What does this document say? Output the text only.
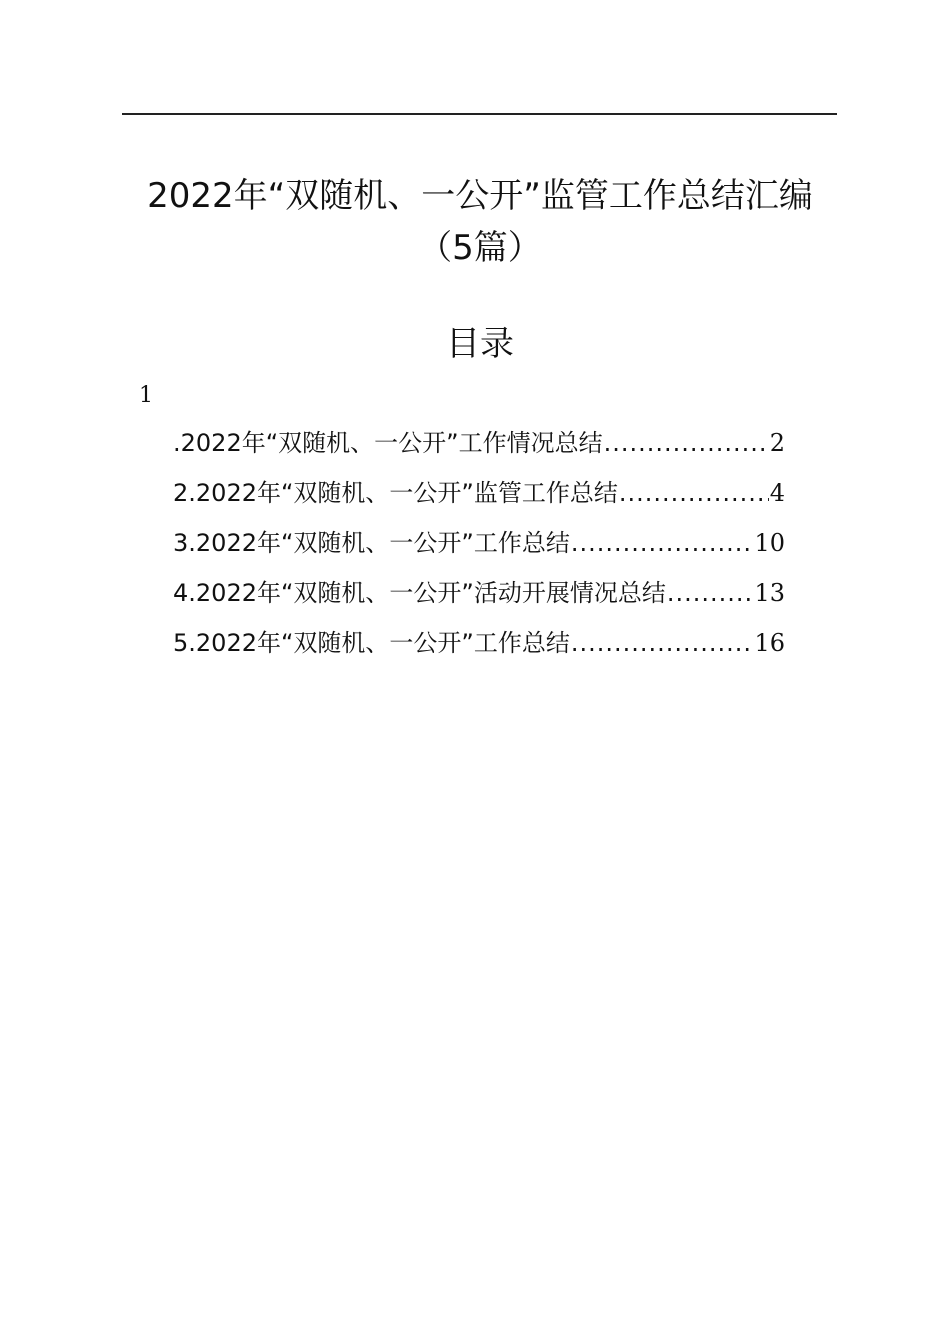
2022年“双随机、一公开”监管工作总结汇编
（5篇）
目录
1
.2022年“双随机、一公开”工作情况总结 .....	2
2.2022年“双随机、一公开”监管工作总结 .....	4
3.2022年“双随机、一公开”工作总结 .....	10
4.2022年“双随机、一公开”活动开展情况总结 .....	13
5.2022年“双随机、一公开”工作总结 .....	16
